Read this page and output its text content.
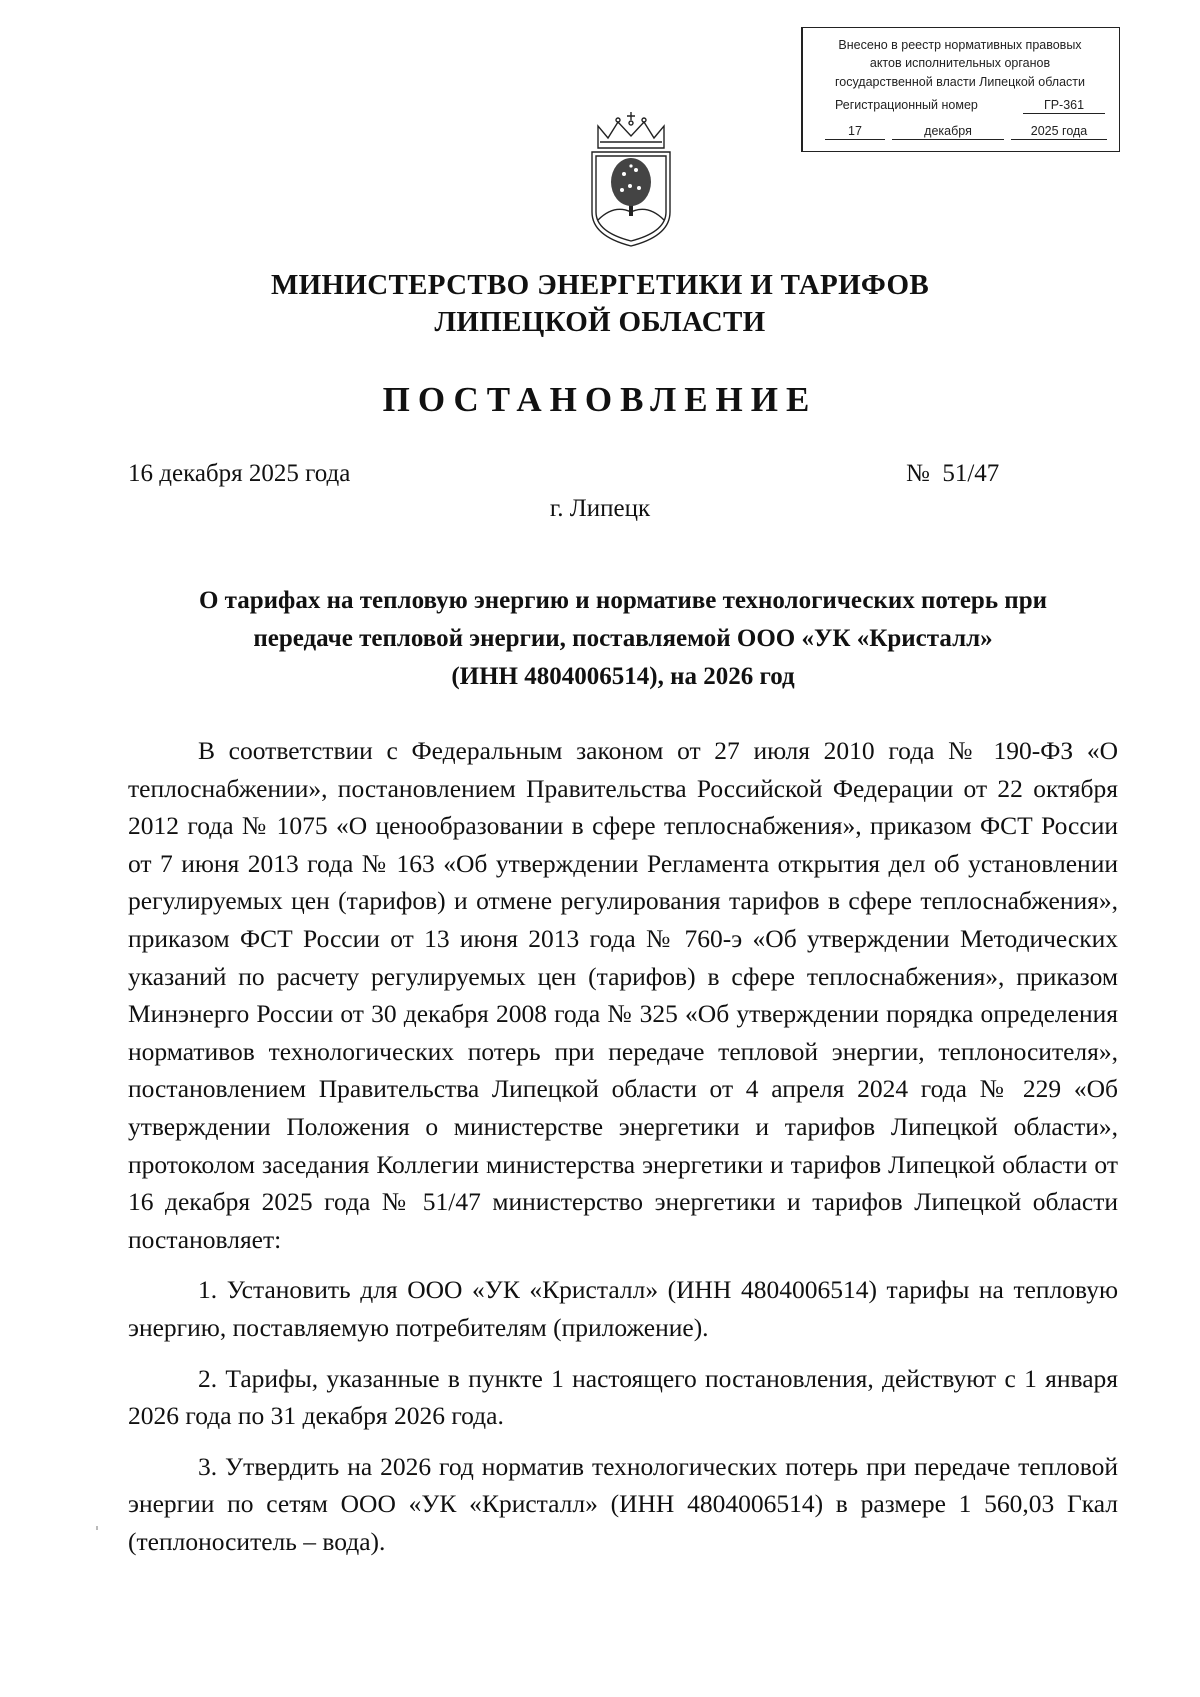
Внесено в реестр нормативных правовых
актов исполнительных органов
государственной власти Липецкой области
Регистрационный номер	ГР-361
17	декабря	2025 года
МИНИСТЕРСТВО ЭНЕРГЕТИКИ И ТАРИФОВ
ЛИПЕЦКОЙ ОБЛАСТИ
ПОСТАНОВЛЕНИЕ
16 декабря 2025 года	№  51/47
г. Липецк
О тарифах на тепловую энергию и нормативе технологических потерь при
передаче тепловой энергии, поставляемой ООО «УК «Кристалл»
(ИНН 4804006514), на 2026 год

В соответствии с Федеральным законом от 27 июля 2010 года № 190-ФЗ «О теплоснабжении», постановлением Правительства Российской Федерации от 22 октября 2012 года № 1075 «О ценообразовании в сфере теплоснабжения», приказом ФСТ России от 7 июня 2013 года № 163 «Об утверждении Регламента открытия дел об установлении регулируемых цен (тарифов) и отмене регулирования тарифов в сфере теплоснабжения», приказом ФСТ России от 13 июня 2013 года № 760-э «Об утверждении Методических указаний по расчету регулируемых цен (тарифов) в сфере теплоснабжения», приказом Минэнерго России от 30 декабря 2008 года № 325 «Об утверждении порядка определения нормативов технологических потерь при передаче тепловой энергии, теплоносителя», постановлением Правительства Липецкой области от 4 апреля 2024 года № 229 «Об утверждении Положения о министерстве энергетики и тарифов Липецкой области», протоколом заседания Коллегии министерства энергетики и тарифов Липецкой области от 16 декабря 2025 года № 51/47 министерство энергетики и тарифов Липецкой области постановляет:

1. Установить для ООО «УК «Кристалл» (ИНН 4804006514) тарифы на тепловую энергию, поставляемую потребителям (приложение).

2. Тарифы, указанные в пункте 1 настоящего постановления, действуют с 1 января 2026 года по 31 декабря 2026 года.

3. Утвердить на 2026 год норматив технологических потерь при передаче тепловой энергии по сетям ООО «УК «Кристалл» (ИНН 4804006514) в размере 1 560,03 Гкал (теплоноситель – вода).
